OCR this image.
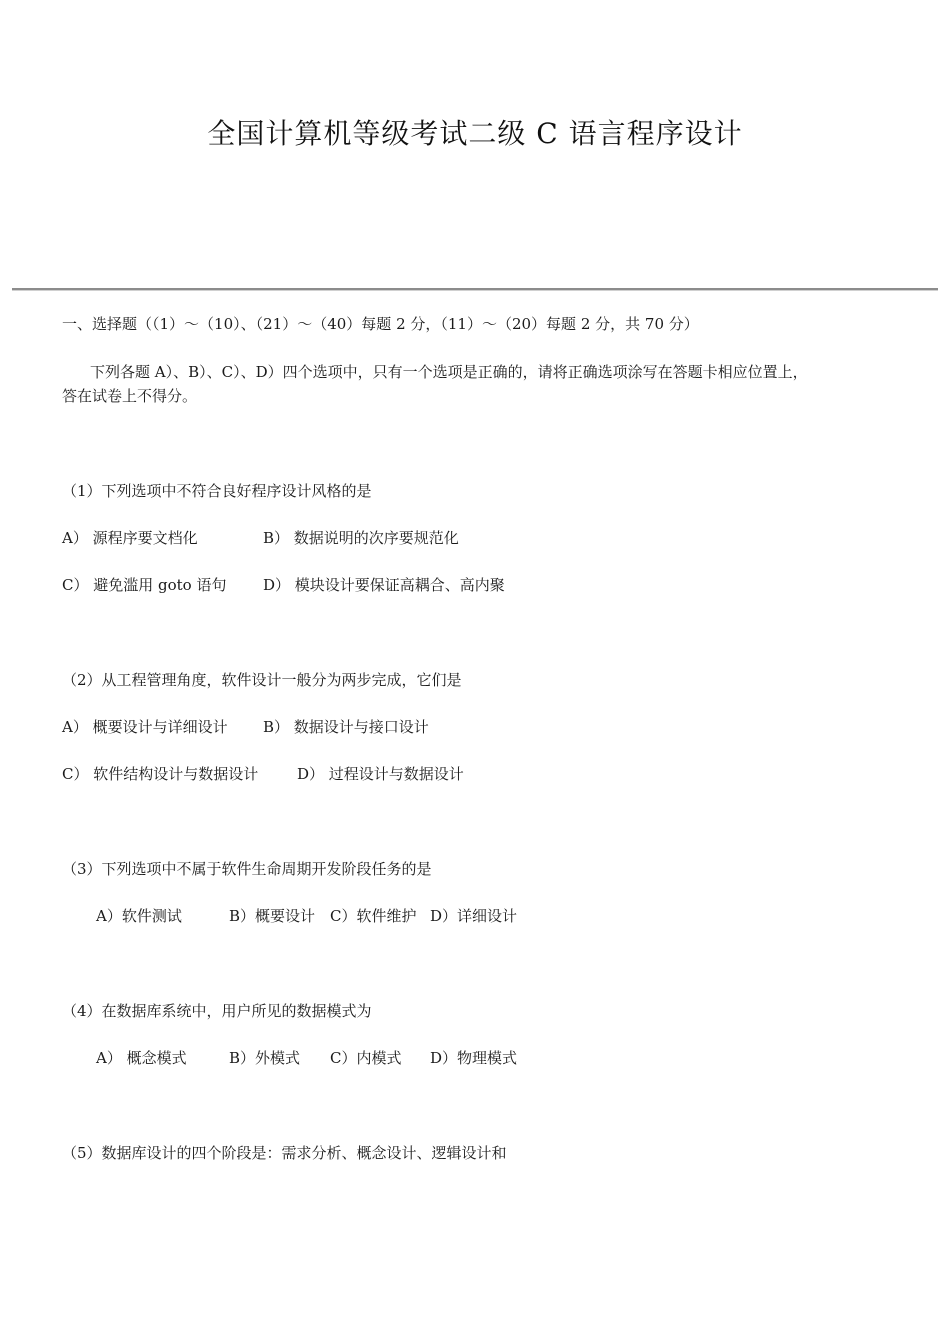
全国计算机等级考试二级 C 语言程序设计
一、选择题（（1）～（10）、（21）～（40）每题 2 分，（11）～（20）每题 2 分，共 70 分）
下列各题 A）、B）、C）、D）四个选项中，只有一个选项是正确的，请将正确选项涂写在答题卡相应位置上，
答在试卷上不得分。
（1）下列选项中不符合良好程序设计风格的是
A） 源程序要文档化	B） 数据说明的次序要规范化
C） 避免滥用 goto 语句 D） 模块设计要保证高耦合、高内聚
（2）从工程管理角度，软件设计一般分为两步完成，它们是
A） 概要设计与详细设计 B） 数据设计与接口设计
C） 软件结构设计与数据设计	D） 过程设计与数据设计
（3）下列选项中不属于软件生命周期开发阶段任务的是
A）软件测试	B）概要设计 C）软件维护 D）详细设计
（4）在数据库系统中，用户所见的数据模式为
A） 概念模式	B）外模式 C）内模式 D）物理模式
（5）数据库设计的四个阶段是：需求分析、概念设计、逻辑设计和
